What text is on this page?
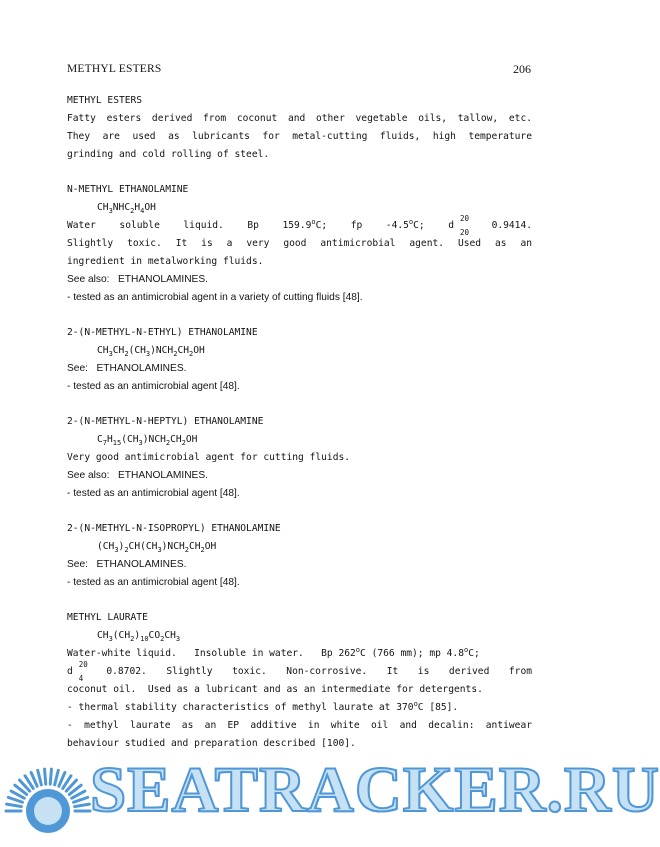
METHYL ESTERS	206
METHYL ESTERS
Fatty esters derived from coconut and other vegetable oils, tallow, etc.
They are used as lubricants for metal-cutting fluids, high temperature
grinding and cold rolling of steel.
N-METHYL ETHANOLAMINE
$CH_3NHC_2H_4OH$
Water soluble liquid. Bp 159.9$^o$C; fp -4.5$^o$C; d
20
20
0.9414.
Slightly toxic. It is a very good antimicrobial agent. Used as an
ingredient in metalworking fluids.
See also:   ETHANOLAMINES.
- tested as an antimicrobial agent in a variety of cutting fluids [48].
2-(N-METHYL-N-ETHYL) ETHANOLAMINE
$CH_3CH_2(CH_3)NCH_2CH_2OH$
See:   ETHANOLAMINES.
- tested as an antimicrobial agent [48].
2-(N-METHYL-N-HEPTYL) ETHANOLAMINE
$C_7H_{15}(CH_3)NCH_2CH_2OH$
Very good antimicrobial agent for cutting fluids.
See also:   ETHANOLAMINES.
- tested as an antimicrobial agent [48].
2-(N-METHYL-N-ISOPROPYL) ETHANOLAMINE
$(CH_3)_2CH(CH_3)NCH_2CH_2OH$
See:   ETHANOLAMINES.
- tested as an antimicrobial agent [48].
METHYL LAURATE
$CH_3(CH_2)_{10}CO_2CH_3$
Water-white liquid.   Insoluble in water.   Bp 262$^o$C (766 mm); mp 4.8$^o$C;
d
20
4
0.8702. Slightly toxic. Non-corrosive. It is derived from
coconut oil.  Used as a lubricant and as an intermediate for detergents.
- thermal stability characteristics of methyl laurate at 370$^o$C [85].
- methyl laurate as an EP additive in white oil and decalin: antiwear
behaviour studied and preparation described [100].
SEATRACKER.RU
